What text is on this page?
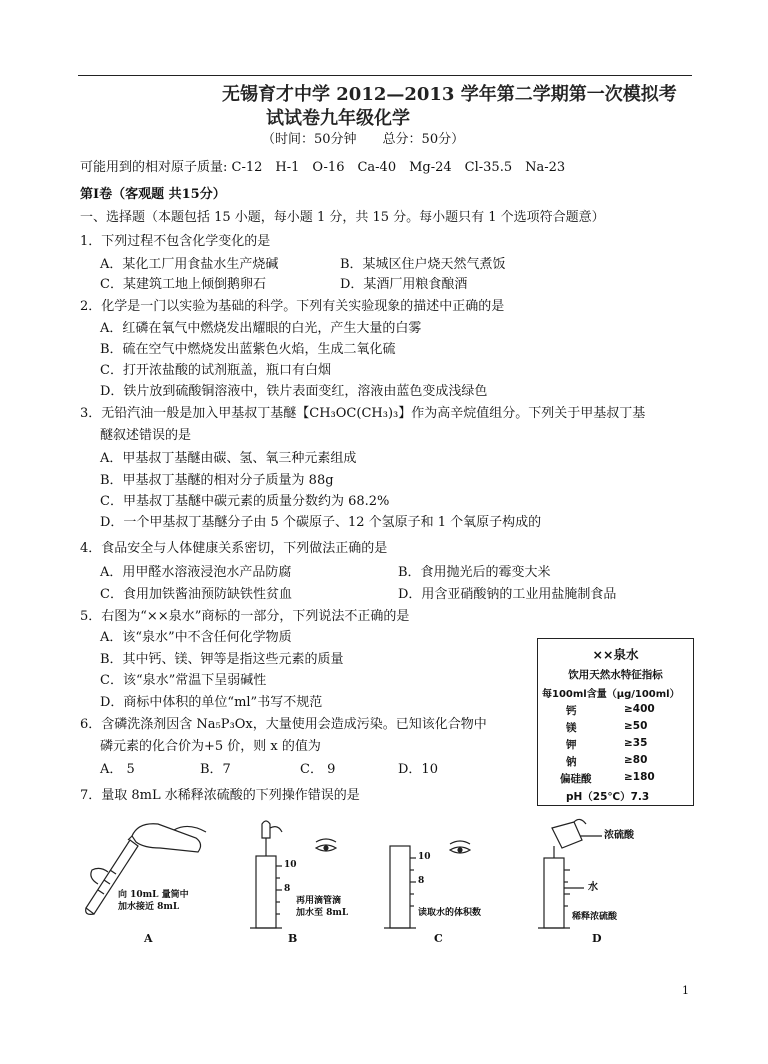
无锡育才中学 2012—2013 学年第二学期第一次模拟考
试试卷九年级化学
（时间：50分钟　　总分：50分）
可能用到的相对原子质量: C-12　H-1　O-16　Ca-40　Mg-24　Cl-35.5　Na-23
第Ⅰ卷（客观题 共15分）
一、选择题（本题包括 15 小题，每小题 1 分，共 15 分。每小题只有 1 个选项符合题意）
1．下列过程不包含化学变化的是
A．某化工厂用食盐水生产烧碱	B．某城区住户烧天然气煮饭
C．某建筑工地上倾倒鹅卵石	D．某酒厂用粮食酿酒
2．化学是一门以实验为基础的科学。下列有关实验现象的描述中正确的是
A．红磷在氧气中燃烧发出耀眼的白光，产生大量的白雾
B．硫在空气中燃烧发出蓝紫色火焰，生成二氧化硫
C．打开浓盐酸的试剂瓶盖，瓶口有白烟
D．铁片放到硫酸铜溶液中，铁片表面变红，溶液由蓝色变成浅绿色
3．无铅汽油一般是加入甲基叔丁基醚【CH₃OC(CH₃)₃】作为高辛烷值组分。下列关于甲基叔丁基
醚叙述错误的是
A．甲基叔丁基醚由碳、氢、氧三种元素组成
B．甲基叔丁基醚的相对分子质量为 88g
C．甲基叔丁基醚中碳元素的质量分数约为 68.2%
D．一个甲基叔丁基醚分子由 5 个碳原子、12 个氢原子和 1 个氧原子构成的
4．食品安全与人体健康关系密切，下列做法正确的是
A．用甲醛水溶液浸泡水产品防腐	B．食用抛光后的霉变大米
C．食用加铁酱油预防缺铁性贫血	D．用含亚硝酸钠的工业用盐腌制食品
5．右图为“××泉水”商标的一部分，下列说法不正确的是
A．该“泉水”中不含任何化学物质
B．其中钙、镁、钾等是指这些元素的质量
C．该“泉水”常温下呈弱碱性
D．商标中体积的单位“ml”书写不规范
6．含磷洗涤剂因含 Na₅P₃Ox，大量使用会造成污染。已知该化合物中
磷元素的化合价为+5 价，则 x 的值为
A． 5	B．7	C． 9	D．10
7．量取 8mL 水稀释浓硫酸的下列操作错误的是
××泉水
饮用天然水特征指标
每100ml含量（μg/100ml）
钙	≥400
镁	≥50
钾	≥35
钠	≥80
偏硅酸	≥180
pH（25℃）7.3
向 10mL 量筒中
加水接近 8mL
A
10
8
再用滴管滴
加水至 8mL
B
10
8
读取水的体积数
C
浓硫酸
水
稀释浓硫酸
D
1
